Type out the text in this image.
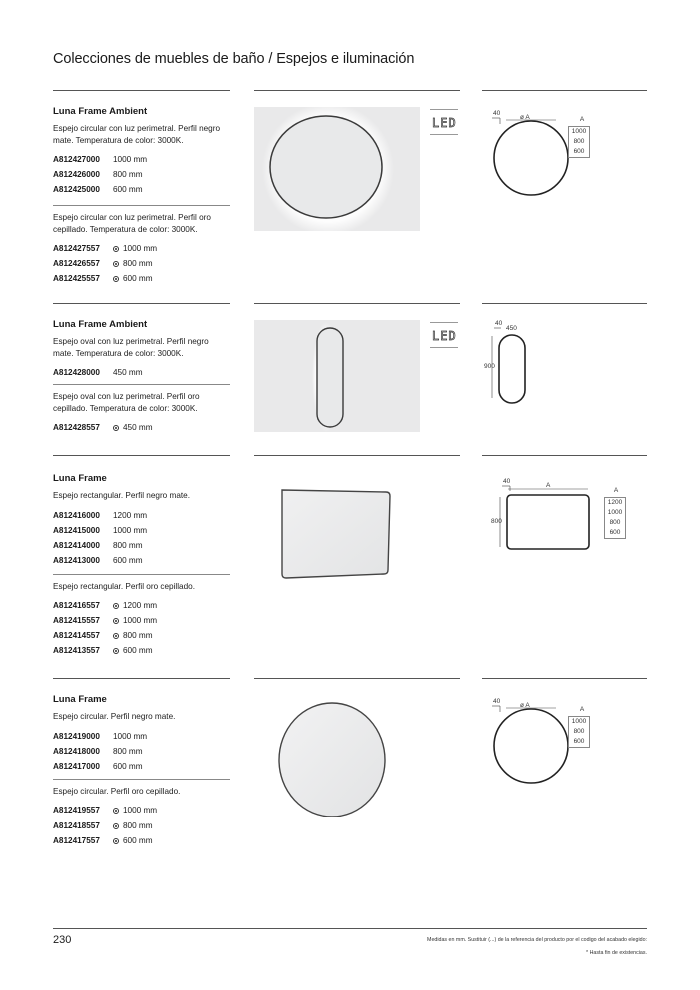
Colecciones de muebles de baño / Espejos e iluminación
Luna Frame Ambient
Espejo circular con luz perimetral. Perfil negro mate. Temperatura de color: 3000K.
A812427000	1000 mm
A812426000	800 mm
A812425000	600 mm
Espejo circular con luz perimetral. Perfil oro cepillado. Temperatura de color: 3000K.
A812427557	1000 mm
A812426557	800 mm
A812425557	600 mm
LED
40
ø A	A
1000
800
600
Luna Frame Ambient
Espejo oval con luz perimetral. Perfil negro mate. Temperatura de color: 3000K.
A812428000	450 mm
Espejo oval con luz perimetral. Perfil oro cepillado. Temperatura de color: 3000K.
A812428557	450 mm
LED
40
450
900
Luna Frame
Espejo rectangular. Perfil negro mate.
A812416000	1200 mm
A812415000	1000 mm
A812414000	800 mm
A812413000	600 mm
Espejo rectangular. Perfil oro cepillado.
A812416557	1200 mm
A812415557	1000 mm
A812414557	800 mm
A812413557	600 mm
40
A
800
A
1200
1000
800
600
Luna Frame
Espejo circular. Perfil negro mate.
A812419000	1000 mm
A812418000	800 mm
A812417000	600 mm
Espejo circular. Perfil oro cepillado.
A812419557	1000 mm
A812418557	800 mm
A812417557	600 mm
40
ø A
A
1000
800
600
230	Medidas en mm. Sustituir (...) de la referencia del producto por el codigo del acabado elegido:
* Hasta fin de existencias.
